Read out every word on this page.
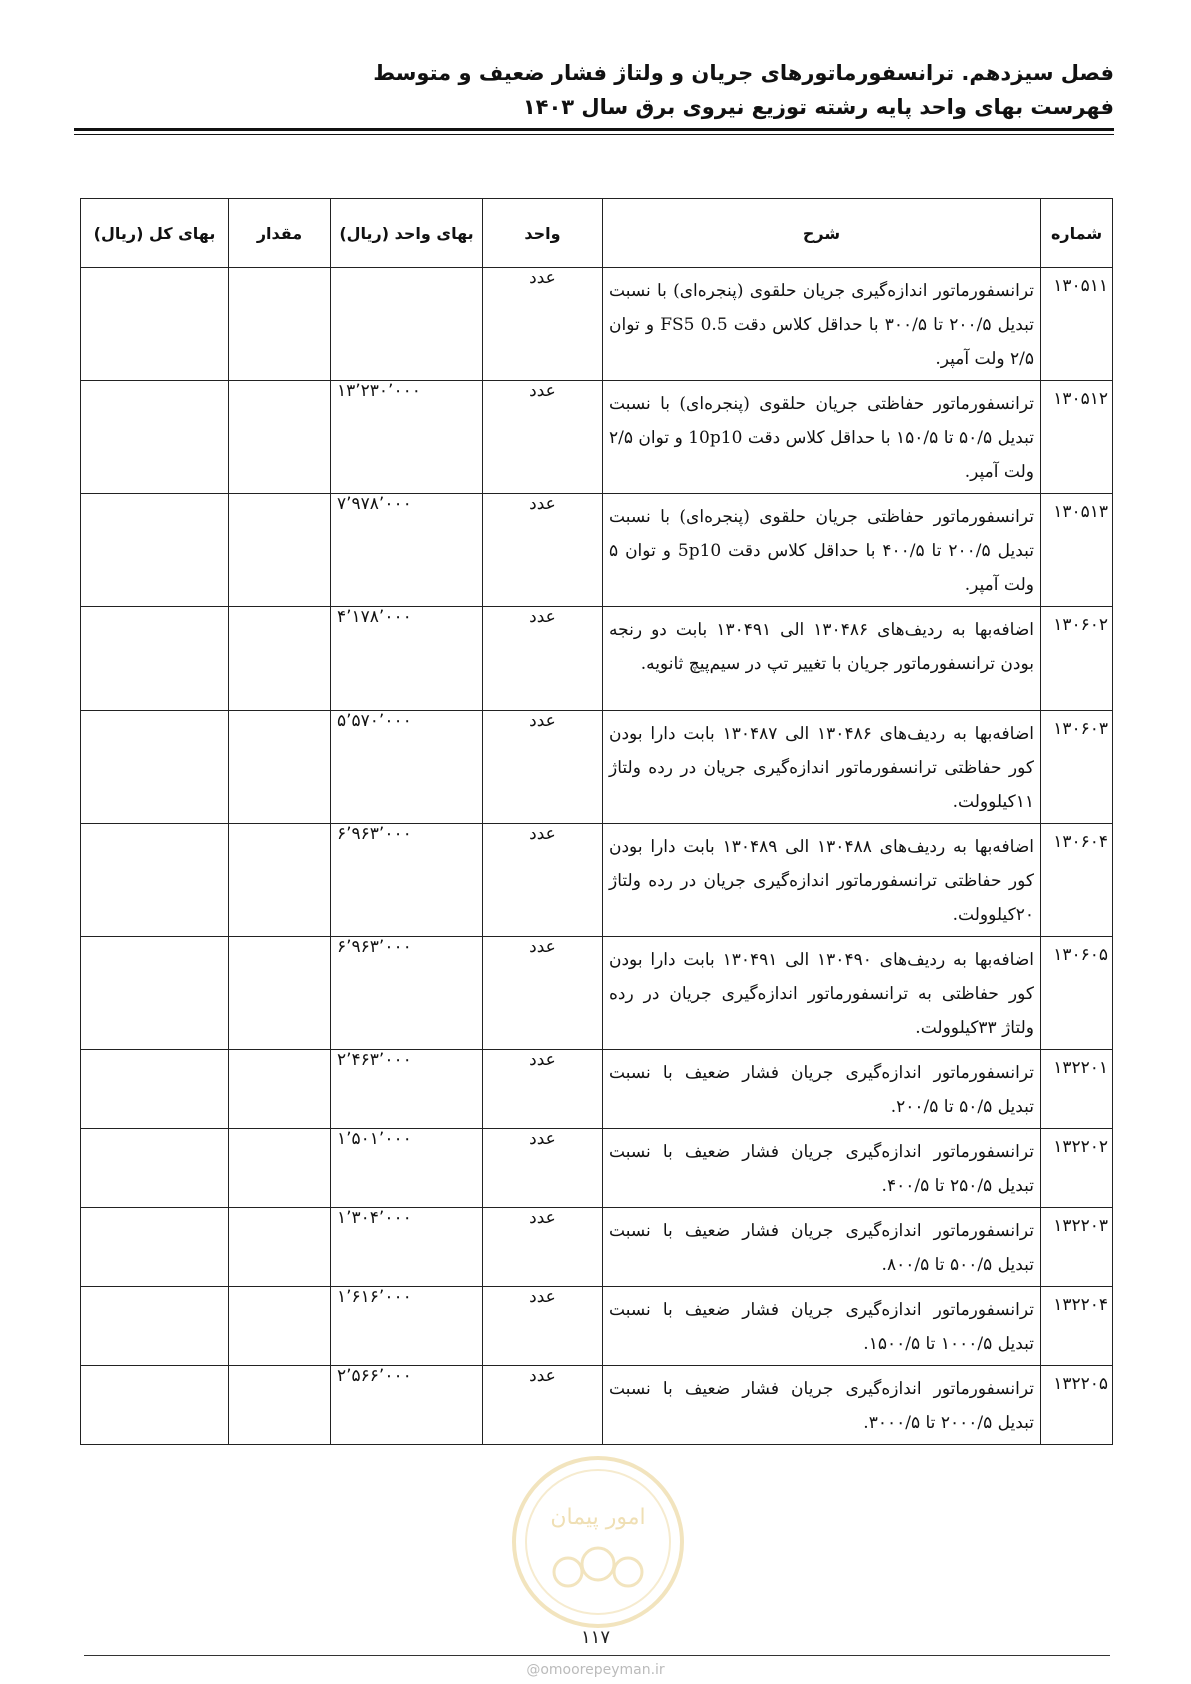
فصل سیزدهم. ترانسفورماتورهای جریان و ولتاژ فشار ضعیف و متوسط
فهرست بهای واحد پایه رشته توزیع نیروی برق سال ۱۴۰۳
شماره	شرح	واحد	بهای واحد (ریال)	مقدار	بهای کل (ریال)
۱۳۰۵۱۱	ترانسفورماتور اندازه‌گیری جریان حلقوی (پنجره‌ای) با نسبت تبدیل ۲۰۰/۵ تا ۳۰۰/۵ با حداقل کلاس دقت FS5 0.5 و توان ۲/۵ ولت آمپر.	عدد			
۱۳۰۵۱۲	ترانسفورماتور حفاظتی جریان حلقوی (پنجره‌ای) با نسبت تبدیل ۵۰/۵ تا ۱۵۰/۵ با حداقل کلاس دقت 10p10 و توان ۲/۵ ولت آمپر.	عدد	۱۳٬۲۳۰٬۰۰۰		
۱۳۰۵۱۳	ترانسفورماتور حفاظتی جریان حلقوی (پنجره‌ای) با نسبت تبدیل ۲۰۰/۵ تا ۴۰۰/۵ با حداقل کلاس دقت 5p10 و توان ۵ ولت آمپر.	عدد	۷٬۹۷۸٬۰۰۰		
۱۳۰۶۰۲	اضافه‌بها به ردیف‌های ۱۳۰۴۸۶ الی ۱۳۰۴۹۱ بابت دو رنجه بودن ترانسفورماتور جریان با تغییر تپ در سیم‌پیچ ثانویه.	عدد	۴٬۱۷۸٬۰۰۰		
۱۳۰۶۰۳	اضافه‌بها به ردیف‌های ۱۳۰۴۸۶ الی ۱۳۰۴۸۷ بابت دارا بودن کور حفاظتی ترانسفورماتور اندازه‌گیری جریان در رده ولتاژ ۱۱کیلوولت.	عدد	۵٬۵۷۰٬۰۰۰		
۱۳۰۶۰۴	اضافه‌بها به ردیف‌های ۱۳۰۴۸۸ الی ۱۳۰۴۸۹ بابت دارا بودن کور حفاظتی ترانسفورماتور اندازه‌گیری جریان در رده ولتاژ ۲۰کیلوولت.	عدد	۶٬۹۶۳٬۰۰۰		
۱۳۰۶۰۵	اضافه‌بها به ردیف‌های ۱۳۰۴۹۰ الی ۱۳۰۴۹۱ بابت دارا بودن کور حفاظتی به ترانسفورماتور اندازه‌گیری جریان در رده ولتاژ ۳۳کیلوولت.	عدد	۶٬۹۶۳٬۰۰۰		
۱۳۲۲۰۱	ترانسفورماتور اندازه‌گیری جریان فشار ضعیف با نسبت تبدیل ۵۰/۵ تا ۲۰۰/۵.	عدد	۲٬۴۶۳٬۰۰۰		
۱۳۲۲۰۲	ترانسفورماتور اندازه‌گیری جریان فشار ضعیف با نسبت تبدیل ۲۵۰/۵ تا ۴۰۰/۵.	عدد	۱٬۵۰۱٬۰۰۰		
۱۳۲۲۰۳	ترانسفورماتور اندازه‌گیری جریان فشار ضعیف با نسبت تبدیل ۵۰۰/۵ تا ۸۰۰/۵.	عدد	۱٬۳۰۴٬۰۰۰		
۱۳۲۲۰۴	ترانسفورماتور اندازه‌گیری جریان فشار ضعیف با نسبت تبدیل ۱۰۰۰/۵ تا ۱۵۰۰/۵.	عدد	۱٬۶۱۶٬۰۰۰		
۱۳۲۲۰۵	ترانسفورماتور اندازه‌گیری جریان فشار ضعیف با نسبت تبدیل ۲۰۰۰/۵ تا ۳۰۰۰/۵.	عدد	۲٬۵۶۶٬۰۰۰		
امور پیمان
۱۱۷
@omoorepeyman.ir
